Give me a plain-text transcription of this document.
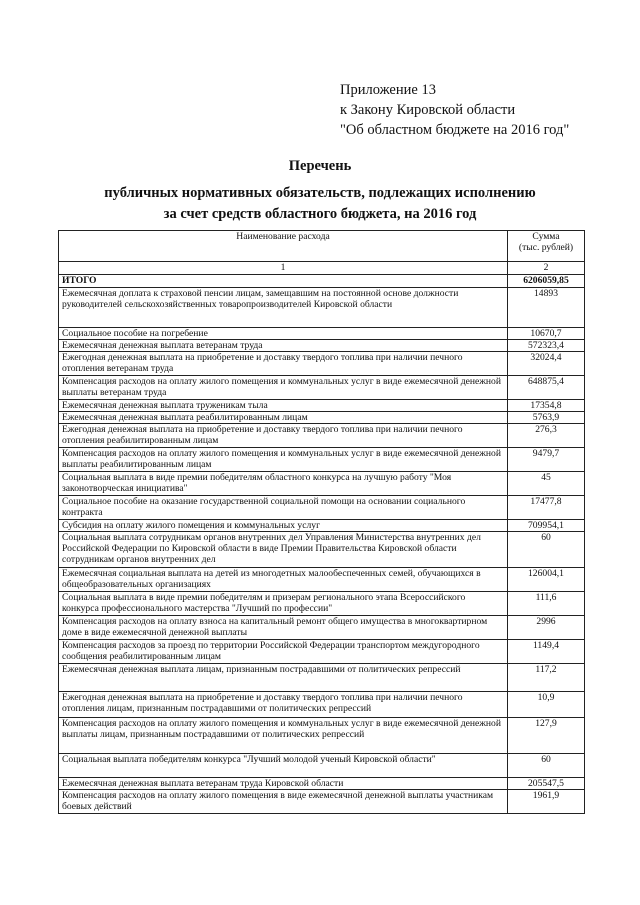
Приложение 13
к Закону Кировской области
"Об областном бюджете на 2016 год"
Перечень
публичных нормативных обязательств, подлежащих исполнению
за счет средств областного бюджета, на 2016 год
Наименование расхода	Сумма
(тыс. рублей)

1	2
ИТОГО	6206059,85
Ежемесячная доплата к страховой пенсии лицам, замещавшим на постоянной основе должности руководителей сельскохозяйственных товаропроизводителей Кировской области	14893
Социальное пособие на погребение	10670,7
Ежемесячная денежная выплата ветеранам труда	572323,4
Ежегодная денежная выплата на приобретение и доставку твердого топлива при наличии печного отопления ветеранам труда	32024,4
Компенсация расходов на оплату жилого помещения и коммунальных услуг в виде ежемесячной денежной выплаты ветеранам труда	648875,4
Ежемесячная денежная выплата труженикам тыла	17354,8
Ежемесячная денежная выплата реабилитированным лицам	5763,9
Ежегодная денежная выплата на приобретение и доставку твердого топлива при наличии печного отопления реабилитированным лицам	276,3
Компенсация расходов на оплату жилого помещения и коммунальных услуг в виде ежемесячной денежной выплаты реабилитированным лицам	9479,7
Социальная выплата в виде премии победителям областного конкурса на лучшую работу "Моя законотворческая инициатива"	45
Социальное пособие на оказание государственной социальной помощи на основании социального контракта	17477,8
Субсидия на оплату жилого помещения и коммунальных услуг	709954,1
Социальная выплата сотрудникам органов внутренних дел Управления Министерства внутренних дел Российской Федерации по Кировской области в виде Премии Правительства Кировской области сотрудникам органов внутренних дел	60
Ежемесячная социальная выплата на детей из многодетных малообеспеченных семей, обучающихся в общеобразовательных организациях	126004,1
Социальная выплата в виде премии победителям и призерам регионального этапа Всероссийского конкурса профессионального мастерства "Лучший по профессии"	111,6
Компенсация расходов на оплату взноса на капитальный ремонт общего имущества в многоквартирном доме в виде ежемесячной денежной выплаты	2996
Компенсация расходов за проезд по территории Российской Федерации транспортом междугородного сообщения реабилитированным лицам	1149,4
Ежемесячная денежная выплата лицам, признанным пострадавшими от политических репрессий	117,2
Ежегодная денежная выплата на приобретение и доставку твердого топлива при наличии печного отопления лицам, признанным пострадавшими от политических репрессий	10,9
Компенсация расходов на оплату жилого помещения и коммунальных услуг в виде ежемесячной денежной выплаты лицам, признанным пострадавшими от политических репрессий	127,9
Социальная выплата победителям конкурса "Лучший молодой ученый Кировской области"	60
Ежемесячная денежная выплата ветеранам труда Кировской области	205547,5
Компенсация расходов на оплату жилого помещения в виде ежемесячной денежной выплаты участникам боевых действий	1961,9
